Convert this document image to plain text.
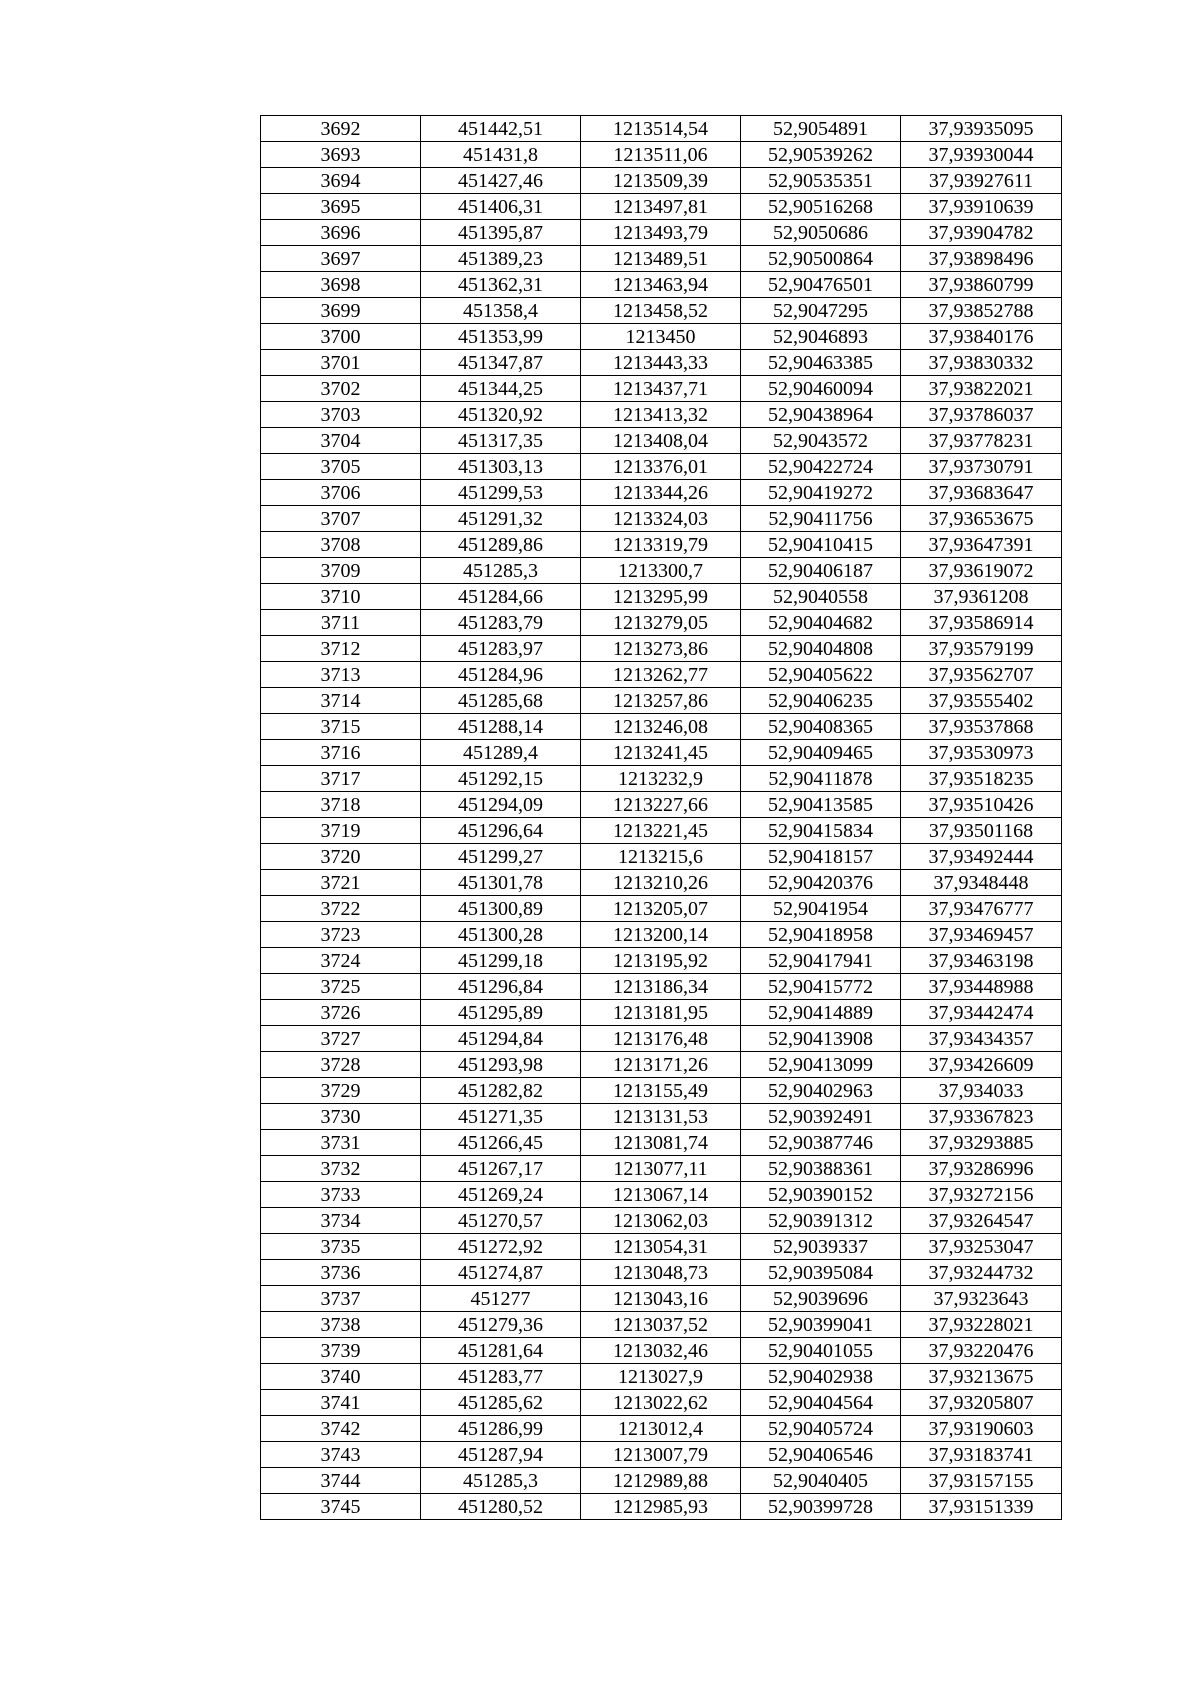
3692	451442,51	1213514,54	52,9054891	37,93935095
3693	451431,8	1213511,06	52,90539262	37,93930044
3694	451427,46	1213509,39	52,90535351	37,93927611
3695	451406,31	1213497,81	52,90516268	37,93910639
3696	451395,87	1213493,79	52,9050686	37,93904782
3697	451389,23	1213489,51	52,90500864	37,93898496
3698	451362,31	1213463,94	52,90476501	37,93860799
3699	451358,4	1213458,52	52,9047295	37,93852788
3700	451353,99	1213450	52,9046893	37,93840176
3701	451347,87	1213443,33	52,90463385	37,93830332
3702	451344,25	1213437,71	52,90460094	37,93822021
3703	451320,92	1213413,32	52,90438964	37,93786037
3704	451317,35	1213408,04	52,9043572	37,93778231
3705	451303,13	1213376,01	52,90422724	37,93730791
3706	451299,53	1213344,26	52,90419272	37,93683647
3707	451291,32	1213324,03	52,90411756	37,93653675
3708	451289,86	1213319,79	52,90410415	37,93647391
3709	451285,3	1213300,7	52,90406187	37,93619072
3710	451284,66	1213295,99	52,9040558	37,9361208
3711	451283,79	1213279,05	52,90404682	37,93586914
3712	451283,97	1213273,86	52,90404808	37,93579199
3713	451284,96	1213262,77	52,90405622	37,93562707
3714	451285,68	1213257,86	52,90406235	37,93555402
3715	451288,14	1213246,08	52,90408365	37,93537868
3716	451289,4	1213241,45	52,90409465	37,93530973
3717	451292,15	1213232,9	52,90411878	37,93518235
3718	451294,09	1213227,66	52,90413585	37,93510426
3719	451296,64	1213221,45	52,90415834	37,93501168
3720	451299,27	1213215,6	52,90418157	37,93492444
3721	451301,78	1213210,26	52,90420376	37,9348448
3722	451300,89	1213205,07	52,9041954	37,93476777
3723	451300,28	1213200,14	52,90418958	37,93469457
3724	451299,18	1213195,92	52,90417941	37,93463198
3725	451296,84	1213186,34	52,90415772	37,93448988
3726	451295,89	1213181,95	52,90414889	37,93442474
3727	451294,84	1213176,48	52,90413908	37,93434357
3728	451293,98	1213171,26	52,90413099	37,93426609
3729	451282,82	1213155,49	52,90402963	37,934033
3730	451271,35	1213131,53	52,90392491	37,93367823
3731	451266,45	1213081,74	52,90387746	37,93293885
3732	451267,17	1213077,11	52,90388361	37,93286996
3733	451269,24	1213067,14	52,90390152	37,93272156
3734	451270,57	1213062,03	52,90391312	37,93264547
3735	451272,92	1213054,31	52,9039337	37,93253047
3736	451274,87	1213048,73	52,90395084	37,93244732
3737	451277	1213043,16	52,9039696	37,9323643
3738	451279,36	1213037,52	52,90399041	37,93228021
3739	451281,64	1213032,46	52,90401055	37,93220476
3740	451283,77	1213027,9	52,90402938	37,93213675
3741	451285,62	1213022,62	52,90404564	37,93205807
3742	451286,99	1213012,4	52,90405724	37,93190603
3743	451287,94	1213007,79	52,90406546	37,93183741
3744	451285,3	1212989,88	52,9040405	37,93157155
3745	451280,52	1212985,93	52,90399728	37,93151339
